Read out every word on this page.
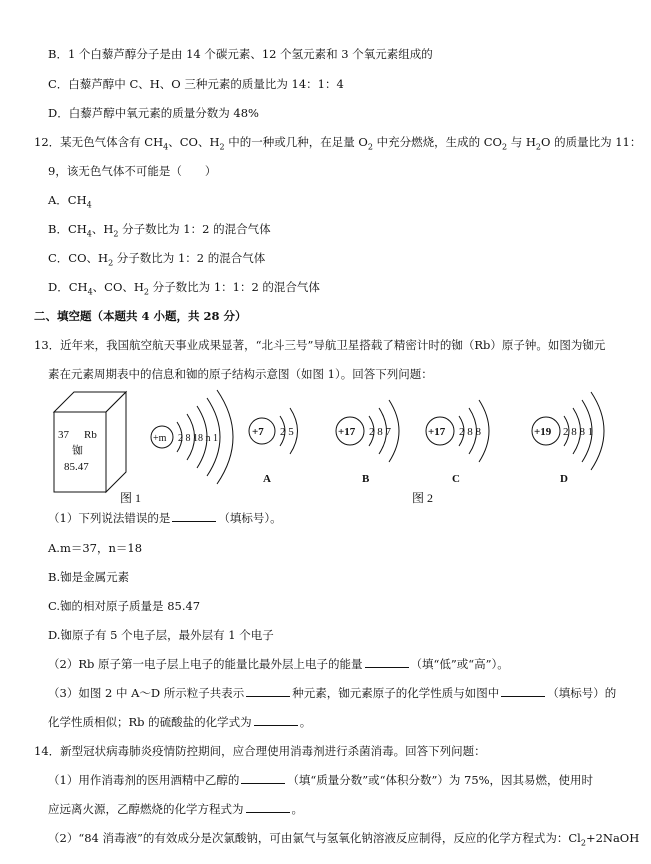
B．1 个白藜芦醇分子是由 14 个碳元素、12 个氢元素和 3 个氧元素组成的
C．白藜芦醇中 C、H、O 三种元素的质量比为 14：1：4
D．白藜芦醇中氧元素的质量分数为 48%
12．某无色气体含有 $CH_4$、CO、$H_2$ 中的一种或几种，在足量 $O_2$ 中充分燃烧，生成的 $CO_2$ 与 $H_2O$ 的质量比为 11：
9，该无色气体不可能是（　　）
A．$CH_4$
B．$CH_4$、$H_2$ 分子数比为 1：2 的混合气体
C．CO、$H_2$ 分子数比为 1：2 的混合气体
D．$CH_4$、CO、$H_2$ 分子数比为 1：1：2 的混合气体
二、填空题（本题共 4 小题，共 28 分）
13．近年来，我国航空航天事业成果显著，“北斗三号”导航卫星搭载了精密计时的铷（Rb）原子钟。如图为铷元
素在元素周期表中的信息和铷的原子结构示意图（如图 1）。回答下列问题：
37 Rb
铷
85.47
+m 2 8 18 n 1
图 1
+7 2 5
A
+17 2 8 7
B
+17 2 8 8
C
图 2
+19 2 8 8 1
D
（1）下列说法错误的是	（填标号）。
A.m＝37，n＝18
B.铷是金属元素
C.铷的相对原子质量是 85.47
D.铷原子有 5 个电子层，最外层有 1 个电子
（2）Rb 原子第一电子层上电子的能量比最外层上电子的能量	（填“低”或“高”）。
（3）如图 2 中 A～D 所示粒子共表示	种元素，铷元素原子的化学性质与如图中	（填标号）的
化学性质相似；Rb 的硫酸盐的化学式为	。
14．新型冠状病毒肺炎疫情防控期间，应合理使用消毒剂进行杀菌消毒。回答下列问题：
（1）用作消毒剂的医用酒精中乙醇的	（填“质量分数”或“体积分数”）为 75%，因其易燃，使用时
应远离火源，乙醇燃烧的化学方程式为	。
（2）“84 消毒液”的有效成分是次氯酸钠，可由氯气与氢氧化钠溶液反应制得，反应的化学方程式为：$Cl_2+2NaOH$
